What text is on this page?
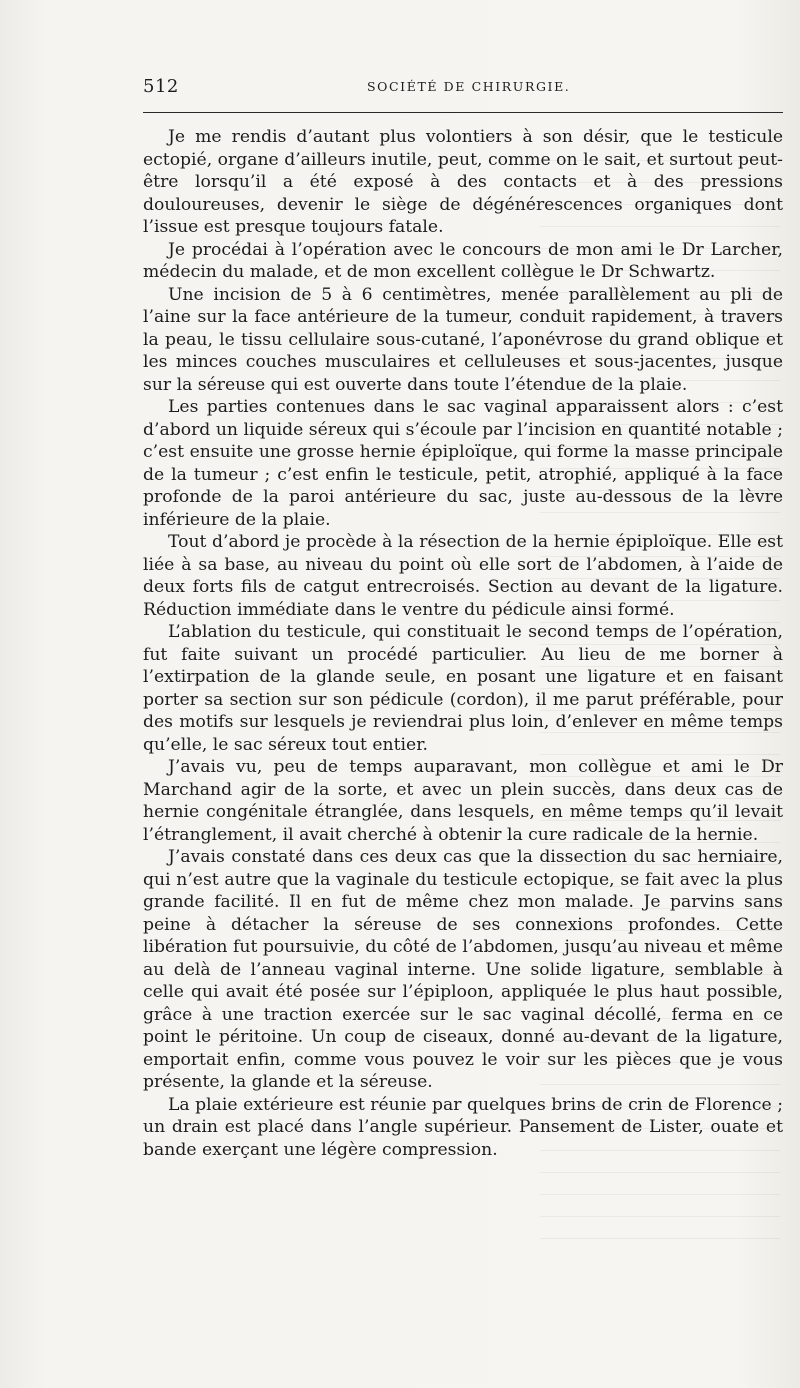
512	SOCIÉTÉ DE CHIRURGIE.

Je me rendis d’autant plus volontiers à son désir, que le testicule ectopié, organe d’ailleurs inutile, peut, comme on le sait, et surtout peut-être lorsqu’il a été exposé à des contacts et à des pressions douloureuses, devenir le siège de dégénérescences organiques dont l’issue est presque toujours fatale.

Je procédai à l’opération avec le concours de mon ami le Dr Larcher, médecin du malade, et de mon excellent collègue le Dr Schwartz.

Une incision de 5 à 6 centimètres, menée parallèlement au pli de l’aine sur la face antérieure de la tumeur, conduit rapidement, à travers la peau, le tissu cellulaire sous-cutané, l’aponévrose du grand oblique et les minces couches musculaires et celluleuses et sous-jacentes, jusque sur la séreuse qui est ouverte dans toute l’étendue de la plaie.

Les parties contenues dans le sac vaginal apparaissent alors : c’est d’abord un liquide séreux qui s’écoule par l’incision en quantité notable ; c’est ensuite une grosse hernie épiploïque, qui forme la masse principale de la tumeur ; c’est enfin le testicule, petit, atrophié, appliqué à la face profonde de la paroi antérieure du sac, juste au-dessous de la lèvre inférieure de la plaie.

Tout d’abord je procède à la résection de la hernie épiploïque. Elle est liée à sa base, au niveau du point où elle sort de l’abdomen, à l’aide de deux forts fils de catgut entrecroisés. Section au devant de la ligature. Réduction immédiate dans le ventre du pédicule ainsi formé.

L’ablation du testicule, qui constituait le second temps de l’opération, fut faite suivant un procédé particulier. Au lieu de me borner à l’extirpation de la glande seule, en posant une ligature et en faisant porter sa section sur son pédicule (cordon), il me parut préférable, pour des motifs sur lesquels je reviendrai plus loin, d’enlever en même temps qu’elle, le sac séreux tout entier.

J’avais vu, peu de temps auparavant, mon collègue et ami le Dr Marchand agir de la sorte, et avec un plein succès, dans deux cas de hernie congénitale étranglée, dans lesquels, en même temps qu’il levait l’étranglement, il avait cherché à obtenir la cure radicale de la hernie.

J’avais constaté dans ces deux cas que la dissection du sac herniaire, qui n’est autre que la vaginale du testicule ectopique, se fait avec la plus grande facilité. Il en fut de même chez mon malade. Je parvins sans peine à détacher la séreuse de ses connexions profondes. Cette libération fut poursuivie, du côté de l’abdomen, jusqu’au niveau et même au delà de l’anneau vaginal interne. Une solide ligature, semblable à celle qui avait été posée sur l’épiploon, appliquée le plus haut possible, grâce à une traction exercée sur le sac vaginal décollé, ferma en ce point le péritoine. Un coup de ciseaux, donné au-devant de la ligature, emportait enfin, comme vous pouvez le voir sur les pièces que je vous présente, la glande et la séreuse.

La plaie extérieure est réunie par quelques brins de crin de Florence ; un drain est placé dans l’angle supérieur. Pansement de Lister, ouate et bande exerçant une légère compression.
